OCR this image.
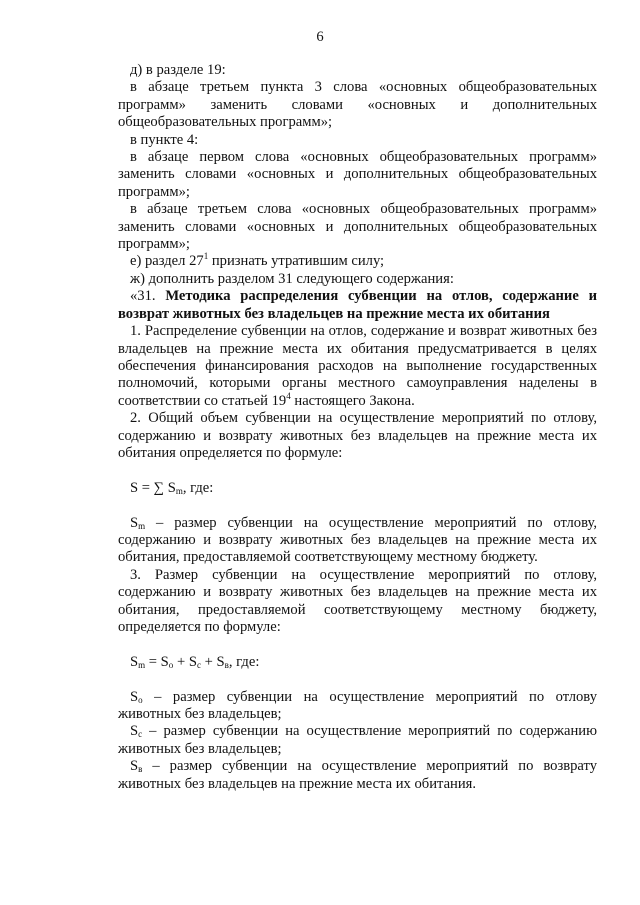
6

д) в разделе 19:

в абзаце третьем пункта 3 слова «основных общеобразовательных программ» заменить словами «основных и дополнительных общеобразовательных программ»;

в пункте 4:

в абзаце первом слова «основных общеобразовательных программ» заменить словами «основных и дополнительных общеобразовательных программ»;

в абзаце третьем слова «основных общеобразовательных программ» заменить словами «основных и дополнительных общеобразовательных программ»;

е) раздел $27^1$ признать утратившим силу;

ж) дополнить разделом 31 следующего содержания:

«31. Методика распределения субвенции на отлов, содержание и возврат животных без владельцев на прежние места их обитания

1. Распределение субвенции на отлов, содержание и возврат животных без владельцев на прежние места их обитания предусматривается в целях обеспечения финансирования расходов на выполнение государственных полномочий, которыми органы местного самоуправления наделены в соответствии со статьей $19^4$ настоящего Закона.

2. Общий объем субвенции на осуществление мероприятий по отлову, содержанию и возврату животных без владельцев на прежние места их обитания определяется по формуле:

S = ∑ $S_m$, где:

$S_m$ – размер субвенции на осуществление мероприятий по отлову, содержанию и возврату животных без владельцев на прежние места их обитания, предоставляемой соответствующему местному бюджету.

3. Размер субвенции на осуществление мероприятий по отлову, содержанию и возврату животных без владельцев на прежние места их обитания, предоставляемой соответствующему местному бюджету, определяется по формуле:

$S_m = S_о + S_с + S_в$, где:

$S_о$ – размер субвенции на осуществление мероприятий по отлову животных без владельцев;

$S_с$ – размер субвенции на осуществление мероприятий по содержанию животных без владельцев;

$S_в$ – размер субвенции на осуществление мероприятий по возврату животных без владельцев на прежние места их обитания.
